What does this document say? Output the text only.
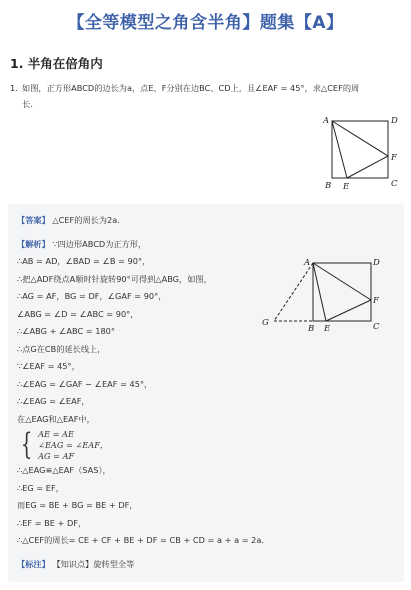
【全等模型之角含半角】题集【A】
1. 半角在倍角内
1. 如图，正方形ABCD的边长为a，点E、F分别在边BC、CD上，且∠EAF = 45°，求△CEF的周
长．
A	D
F
B E	C
【答案】 △CEF的周长为2a．
【解析】 ∵四边形ABCD为正方形，
∴AB = AD，∠BAD = ∠B = 90°，
∴把△ADF绕点A顺时针旋转90°可得到△ABG，如图，
∴AG = AF，BG = DF，∠GAF = 90°，
∠ABG = ∠D = ∠ABC = 90°，
∴∠ABG + ∠ABC = 180°
∴点G在CB的延长线上，
∵∠EAF = 45°，
∴∠EAG = ∠GAF − ∠EAF = 45°，
∴∠EAG = ∠EAF，
在△EAG和△EAF中，
{ AE = AE
∠EAG = ∠EAF，
AG = AF
∴△EAG≌△EAF（SAS），
∴EG = EF，
而EG = BE + BG = BE + DF，
∴EF = BE + DF，
∴△CEF的周长= CE + CF + BE + DF = CB + CD = a + a = 2a．
【标注】 【知识点】旋转型全等
A	D
F
G
B E	C
